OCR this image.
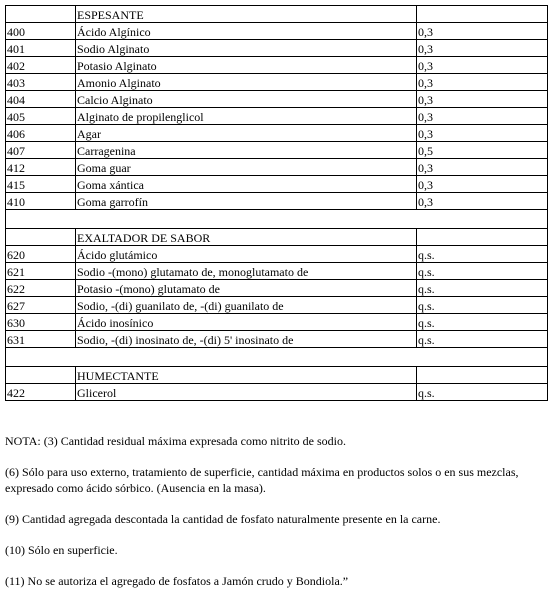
	ESPESANTE	
400	Ácido Algínico	0,3
401	Sodio Alginato	0,3
402	Potasio Alginato	0,3
403	Amonio Alginato	0,3
404	Calcio Alginato	0,3
405	Alginato de propilenglicol	0,3
406	Agar	0,3
407	Carragenina	0,5
412	Goma guar	0,3
415	Goma xántica	0,3
410	Goma garrofín	0,3

	EXALTADOR DE SABOR	
620	Ácido glutámico	q.s.
621	Sodio -(mono) glutamato de, monoglutamato de	q.s.
622	Potasio -(mono) glutamato de	q.s.
627	Sodio, -(di) guanilato de, -(di) guanilato de	q.s.
630	Ácido inosínico	q.s.
631	Sodio, -(di) inosinato de, -(di) 5' inosinato de	q.s.

	HUMECTANTE	
422	Glicerol	q.s.

NOTA: (3) Cantidad residual máxima expresada como nitrito de sodio.

(6) Sólo para uso externo, tratamiento de superficie, cantidad máxima en productos solos o en sus mezclas, expresado como ácido sórbico. (Ausencia en la masa).

(9) Cantidad agregada descontada la cantidad de fosfato naturalmente presente en la carne.

(10) Sólo en superficie.

(11) No se autoriza el agregado de fosfatos a Jamón crudo y Bondiola.”
